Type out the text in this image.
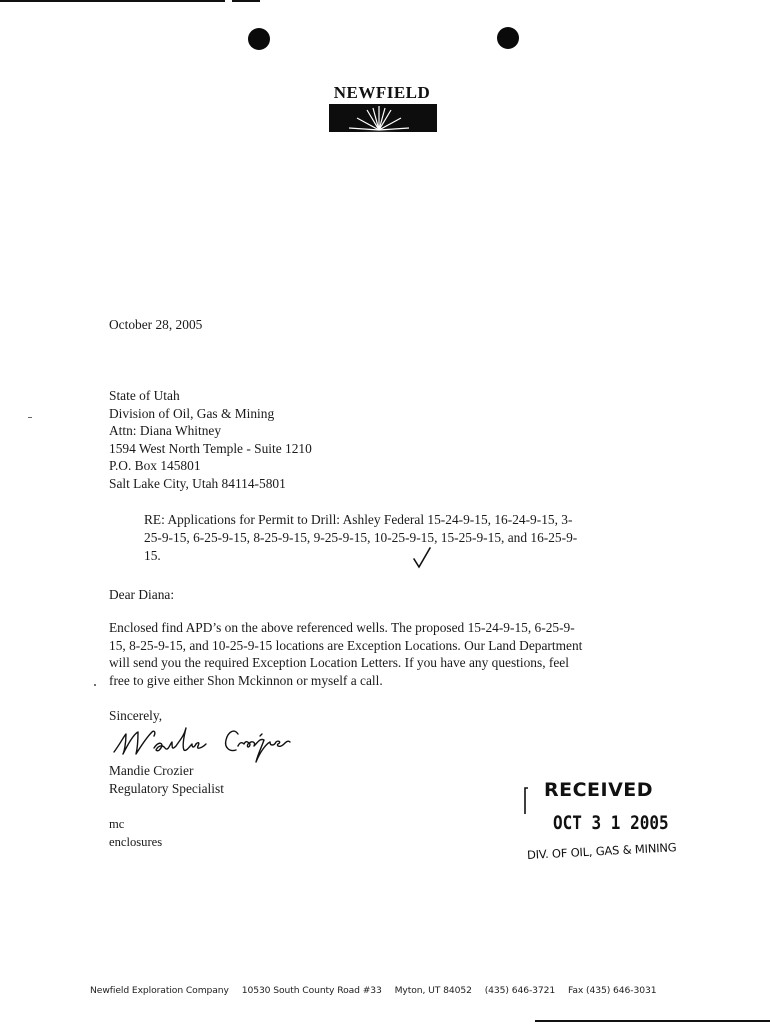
NEWFIELD
October 28, 2005
State of Utah
Division of Oil, Gas & Mining
Attn: Diana Whitney
1594 West North Temple - Suite 1210
P.O. Box 145801
Salt Lake City, Utah 84114-5801
RE: Applications for Permit to Drill: Ashley Federal 15-24-9-15, 16-24-9-15, 3-
25-9-15, 6-25-9-15, 8-25-9-15, 9-25-9-15, 10-25-9-15, 15-25-9-15, and 16-25-9-
15.
Dear Diana:
Enclosed find APD’s on the above referenced wells. The proposed 15-24-9-15, 6-25-9-
15, 8-25-9-15, and 10-25-9-15 locations are Exception Locations. Our Land Department
will send you the required Exception Location Letters. If you have any questions, feel
free to give either Shon Mckinnon or myself a call.
Sincerely,
Mandie Crozier
Regulatory Specialist
mc
enclosures
RECEIVED
OCT 3 1 2005
DIV. OF OIL, GAS & MINING
Newfield Exploration Company 10530 South County Road #33 Myton, UT 84052 (435) 646-3721 Fax (435) 646-3031
